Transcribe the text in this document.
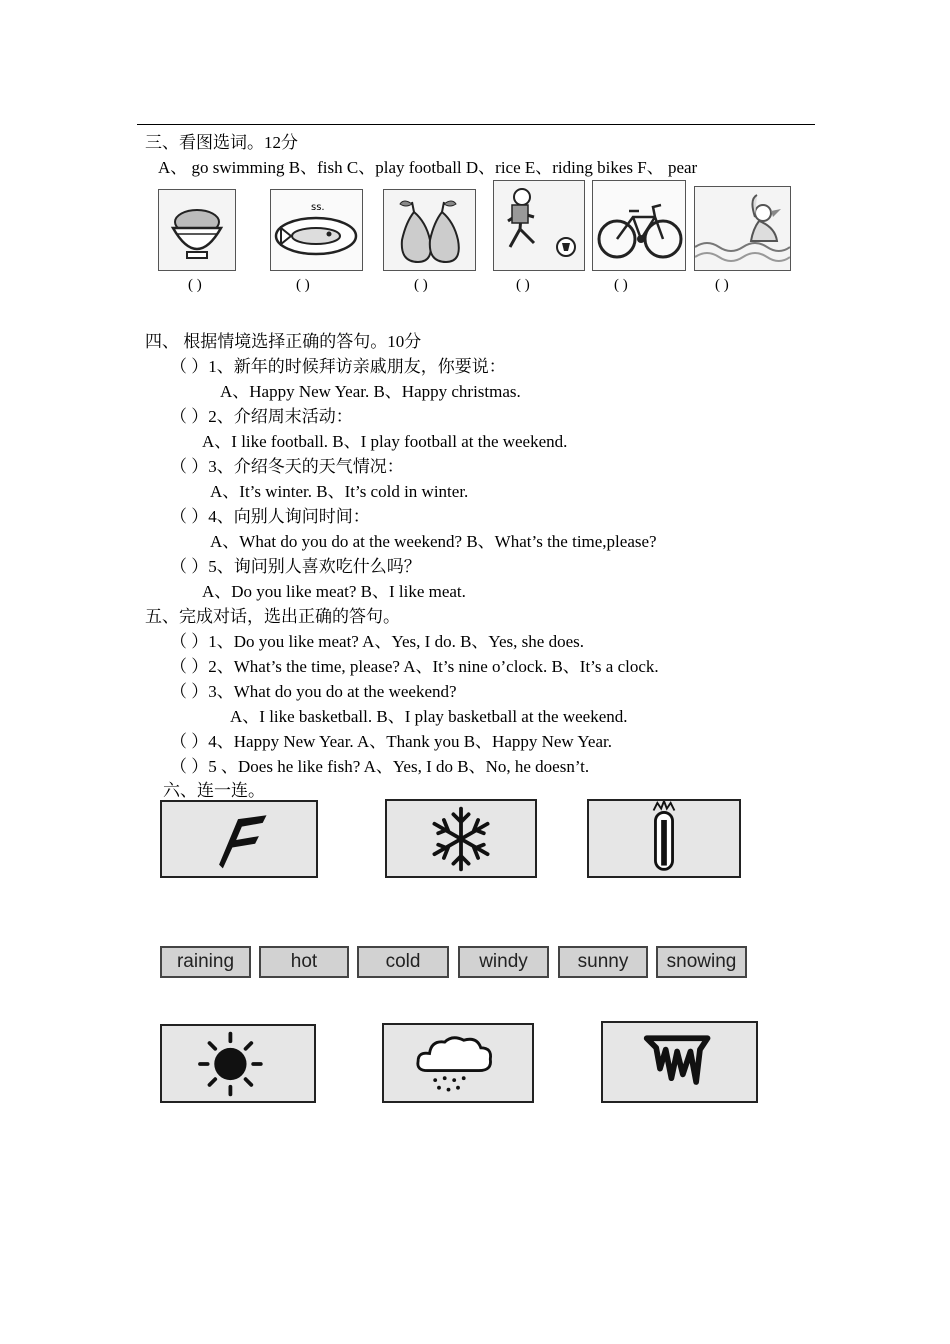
三、看图选词。12分
A、 go swimming B、fish C、play football D、rice E、riding bikes F、 pear
ss.
( )	( )	( )	( )	( )	( )
四、 根据情境选择正确的答句。10分
（ ）1、新年的时候拜访亲戚朋友，你要说：
A、Happy New Year. B、Happy christmas.
（ ）2、介绍周末活动：
A、I like football. B、I play football at the weekend.
（ ）3、介绍冬天的天气情况：
A、It’s winter. B、It’s cold in winter.
（ ）4、向别人询问时间：
A、What do you do at the weekend? B、What’s the time,please?
（ ）5、询问别人喜欢吃什么吗？
A、Do you like meat? B、I like meat.
五、完成对话，选出正确的答句。
（ ）1、Do you like meat? A、Yes, I do. B、Yes, she does.
（ ）2、What’s the time, please? A、It’s nine o’clock. B、It’s a clock.
（ ）3、What do you do at the weekend?
A、I like basketball. B、I play basketball at the weekend.
（ ）4、Happy New Year. A、Thank you B、Happy New Year.
（ ）5 、Does he like fish? A、Yes, I do B、No, he doesn’t.
六、连一连。
raining	hot	cold	windy	sunny	snowing
